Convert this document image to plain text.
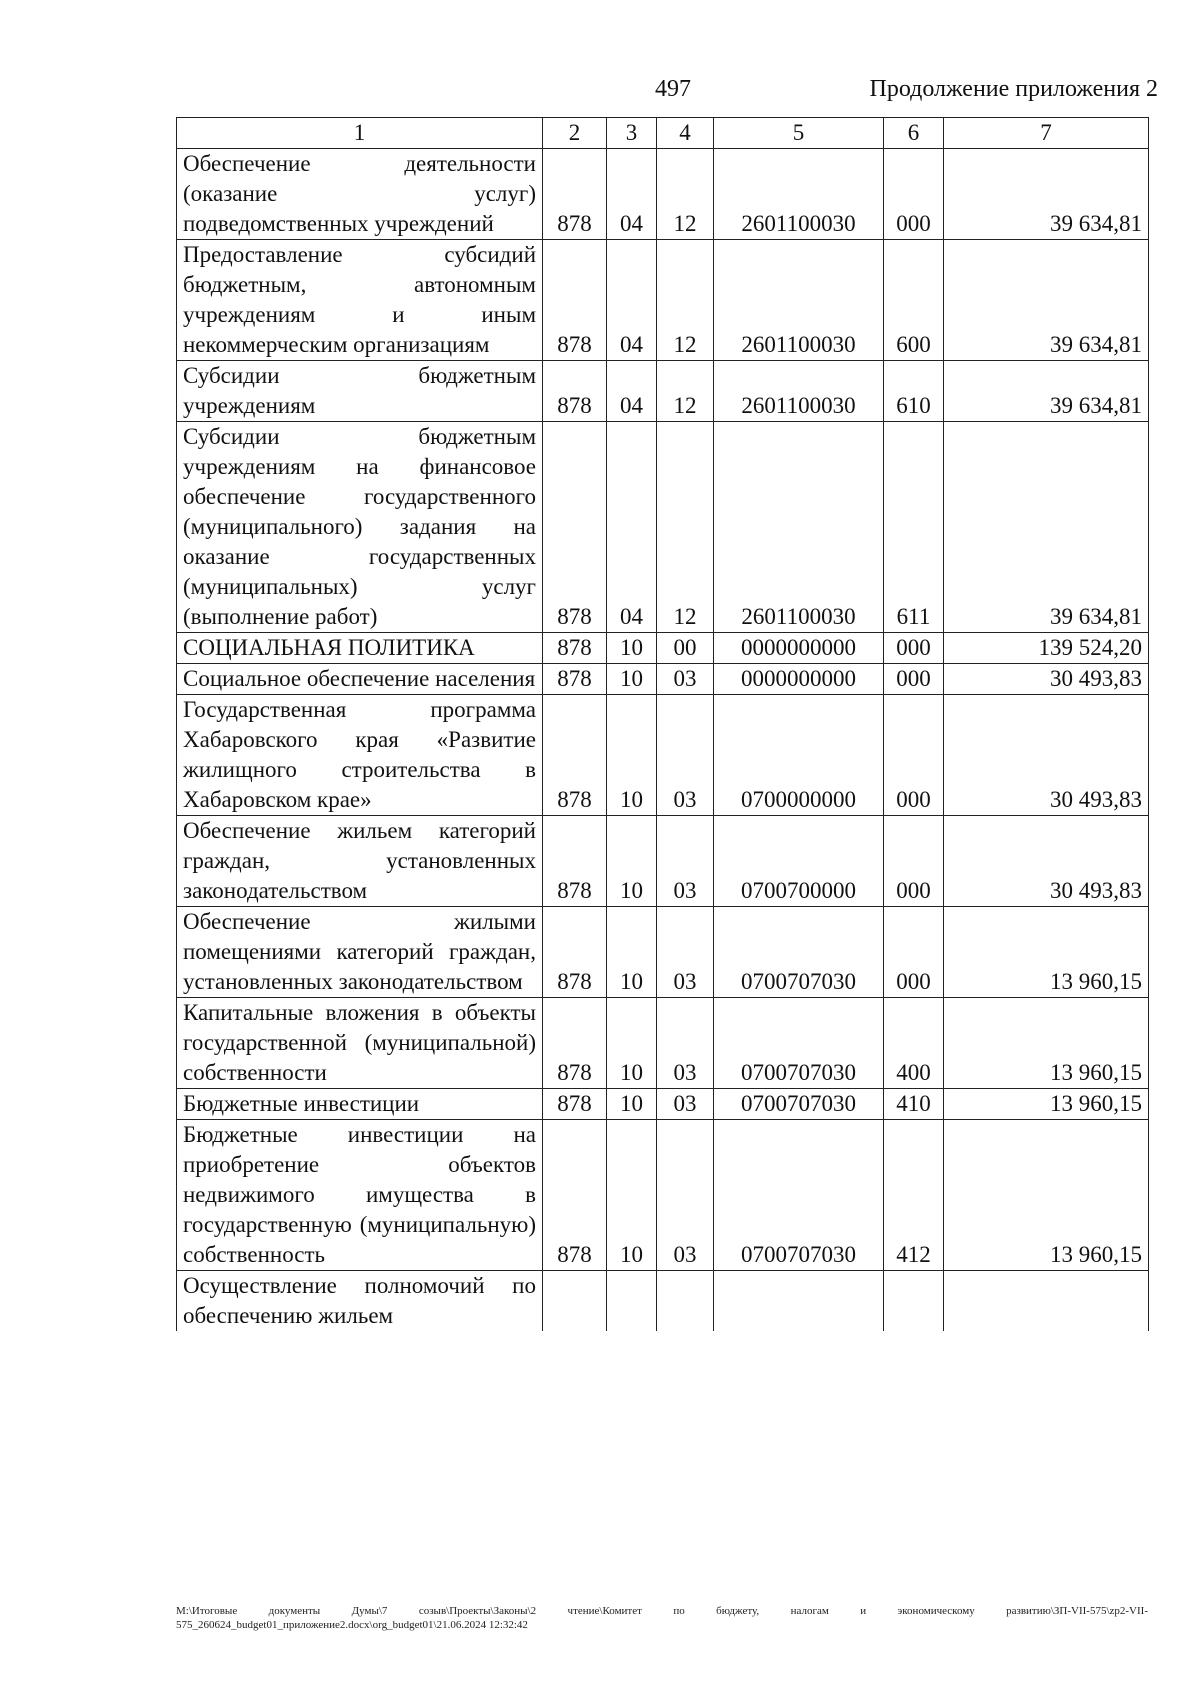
497	Продолжение приложения 2
1	2	3	4	5	6	7
Обеспечение деятельности (оказание услуг) подведомственных учреждений	878	04	12	2601100030	000	39 634,81
Предоставление субсидий бюджетным, автономным учреждениям и иным некоммерческим организациям	878	04	12	2601100030	600	39 634,81
Субсидии бюджетным учреждениям	878	04	12	2601100030	610	39 634,81
Субсидии бюджетным учреждениям на финансовое обеспечение государственного (муниципального) задания на оказание государственных (муниципальных) услуг (выполнение работ)	878	04	12	2601100030	611	39 634,81
СОЦИАЛЬНАЯ ПОЛИТИКА	878	10	00	0000000000	000	139 524,20
Социальное обеспечение населения	878	10	03	0000000000	000	30 493,83
Государственная программа Хабаровского края «Развитие жилищного строительства в Хабаровском крае»	878	10	03	0700000000	000	30 493,83
Обеспечение жильем категорий граждан, установленных законодательством	878	10	03	0700700000	000	30 493,83
Обеспечение жилыми помещениями категорий граждан, установленных законодательством	878	10	03	0700707030	000	13 960,15
Капитальные вложения в объекты государственной (муниципальной) собственности	878	10	03	0700707030	400	13 960,15
Бюджетные инвестиции	878	10	03	0700707030	410	13 960,15
Бюджетные инвестиции на приобретение объектов недвижимого имущества в государственную (муниципальную) собственность	878	10	03	0700707030	412	13 960,15
Осуществление полномочий по обеспечению жильем						
M:\Итоговые документы Думы\7 созыв\Проекты\Законы\2 чтение\Комитет по бюджету, налогам и экономическому развитию\ЗП-VII-575\zp2-VII-575_260624_budget01_приложение2.docx\org_budget01\21.06.2024 12:32:42
